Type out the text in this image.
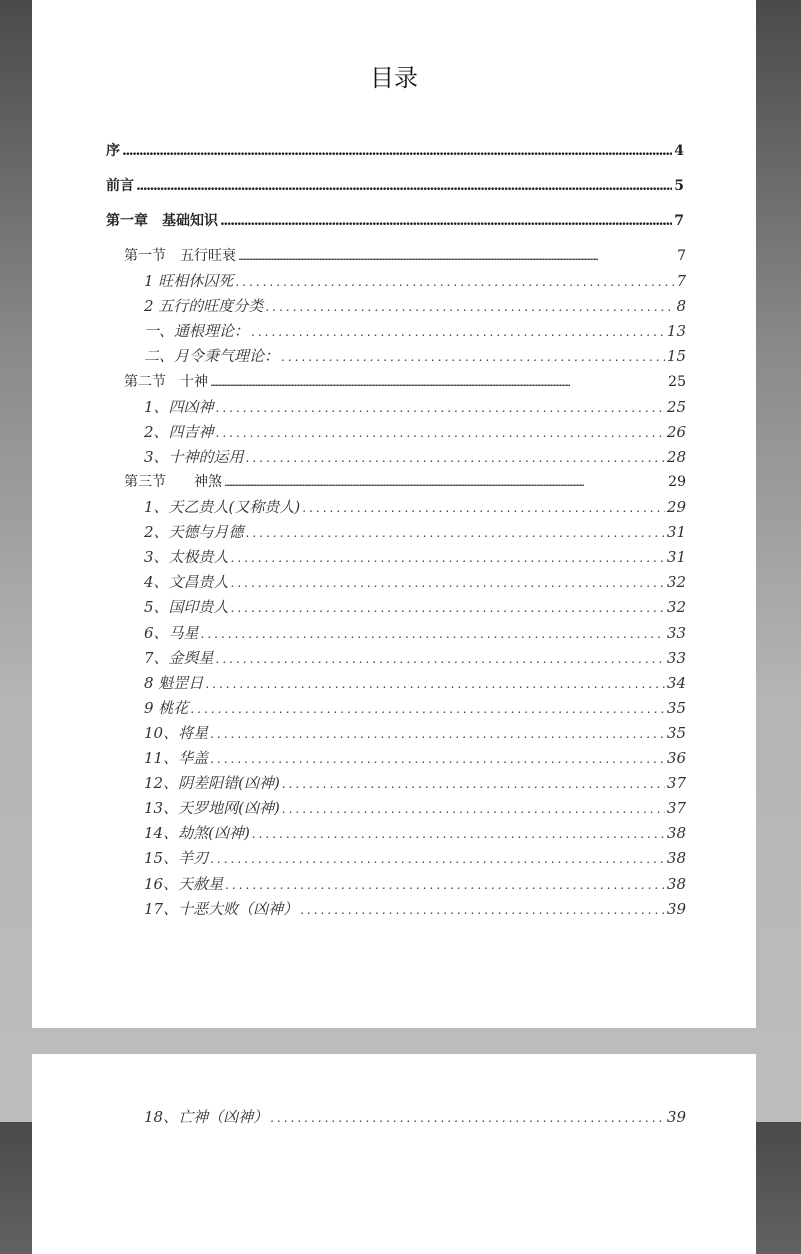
目录
序 .....	4
前言 .....	5
第一章　基础知识 .....	7
第一节　五行旺衰 .....	7
1 旺相休囚死 .....	7
2 五行的旺度分类 .....	8
一、通根理论： .....	13
二、月令秉气理论： .....	15
第二节　十神 .....	25
1、四凶神 .....	25
2、四吉神 .....	26
3、十神的运用 .....	28
第三节　　神煞 .....	29
1、天乙贵人(又称贵人) .....	29
2、天德与月德 .....	31
3、太极贵人 .....	31
4、文昌贵人 .....	32
5、国印贵人 .....	32
6、马星 .....	33
7、金舆星 .....	33
8 魁罡日 .....	34
9 桃花 .....	35
10、将星 .....	35
11、华盖 .....	36
12、阴差阳错(凶神) .....	37
13、天罗地网(凶神) .....	37
14、劫煞(凶神) .....	38
15、羊刃 .....	38
16、天赦星 .....	38
17、十恶大败（凶神） .....	39
18、亡神（凶神） .....	39
